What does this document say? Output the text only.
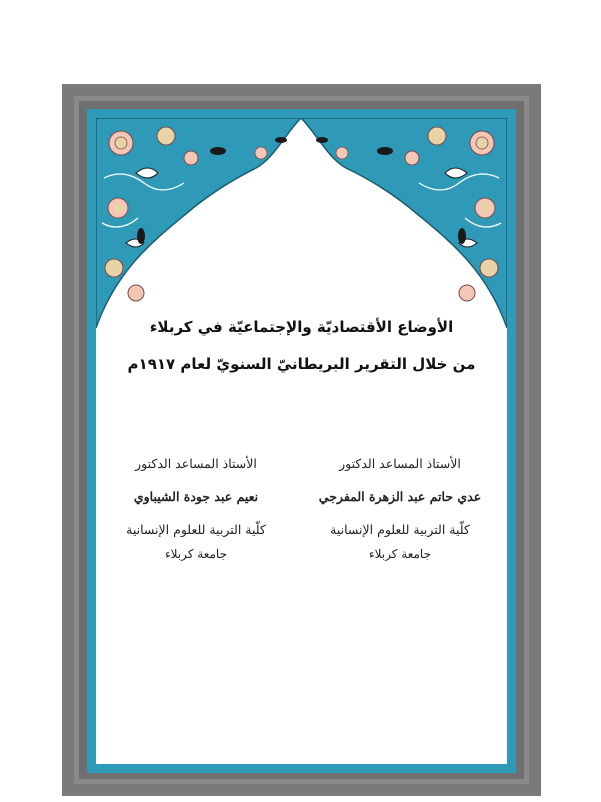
الأوضاع الأقتصاديّة والإجتماعيّة في كربلاء
من خلال التقرير البريطانيّ السنويّ لعام ١٩١٧م
الأستاذ المساعد الدكتور
عدي حاتم عبد الزهرة المفرجي
كلّية التربية للعلوم الإنسانية
جامعة كربلاء
الأستاذ المساعد الدكتور
نعيم عبد جودة الشيباوي
كلّية التربية للعلوم الإنسانية
جامعة كربلاء
